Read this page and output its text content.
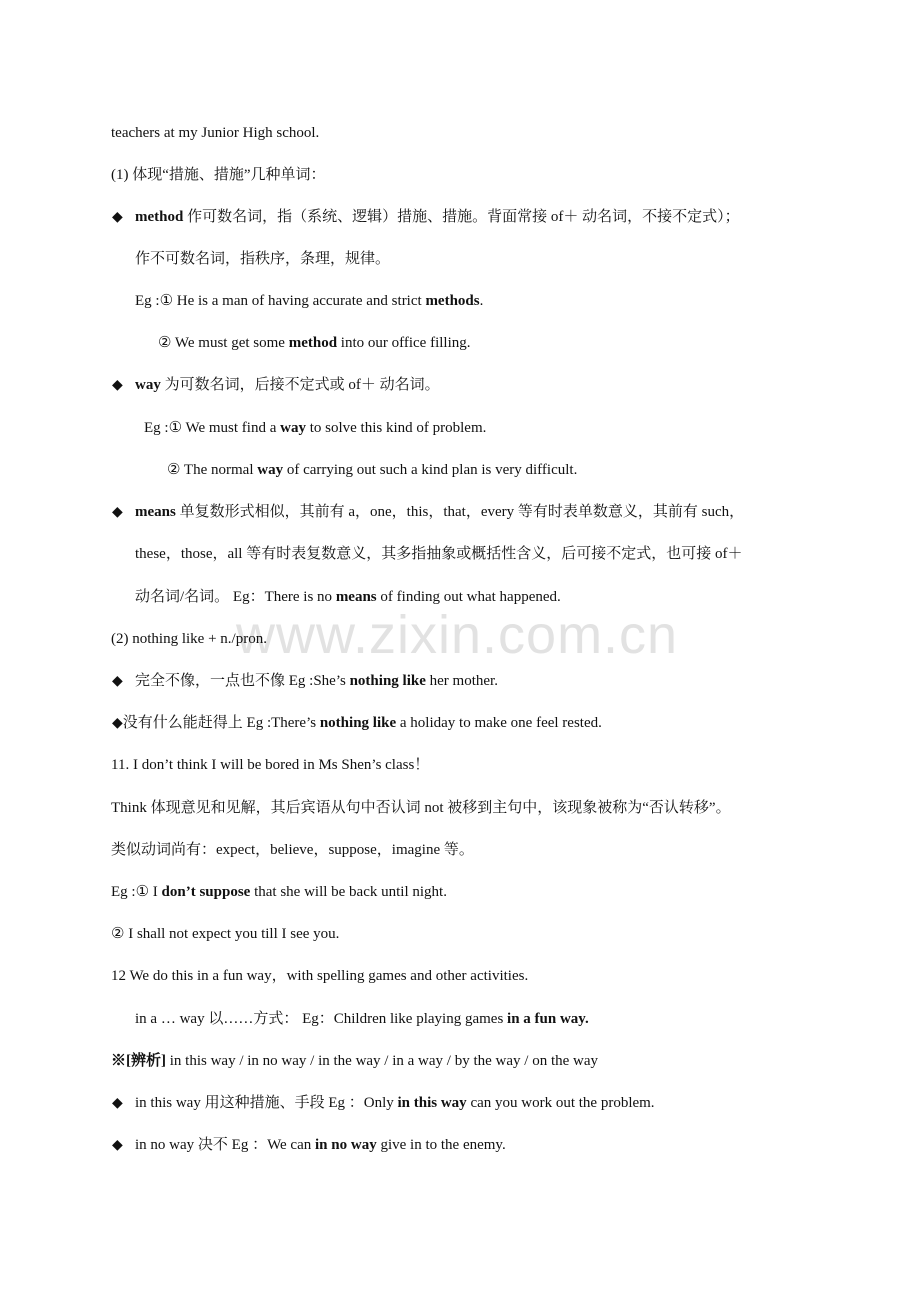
www.zixin.com.cn
teachers at my Junior High school.
(1) 体现“措施、措施”几种单词：
◆ method 作可数名词，指（系统、逻辑）措施、措施。背面常接 of＋ 动名词，不接不定式）；
作不可数名词，指秩序，条理，规律。
Eg :① He is a man of having accurate and strict methods.
② We must get some method into our office filling.
◆ way 为可数名词，后接不定式或 of＋ 动名词。
Eg :① We must find a way to solve this kind of problem.
② The normal way of carrying out such a kind plan is very difficult.
◆ means 单复数形式相似，其前有 a，one，this，that，every 等有时表单数意义，其前有 such，
these，those，all 等有时表复数意义，其多指抽象或概括性含义，后可接不定式，也可接 of＋
动名词/名词。 Eg：There is no means of finding out what happened.
(2) nothing like + n./pron.
◆ 完全不像，一点也不像 Eg :She’s nothing like her mother.
◆没有什么能赶得上 Eg :There’s nothing like a holiday to make one feel rested.
11. I don’t think I will be bored in Ms Shen’s class！
Think 体现意见和见解，其后宾语从句中否认词 not 被移到主句中，该现象被称为“否认转移”。
类似动词尚有：expect，believe，suppose，imagine 等。
Eg :① I don’t suppose that she will be back until night.
② I shall not expect you till I see you.
12 We do this in a fun way，with spelling games and other activities.
in a … way 以……方式： Eg：Children like playing games in a fun way.
※[辨析] in this way / in no way / in the way / in a way / by the way / on the way
◆ in this way 用这种措施、手段 Eg ：Only in this way can you work out the problem.
◆ in no way 决不 Eg ：We can in no way give in to the enemy.
